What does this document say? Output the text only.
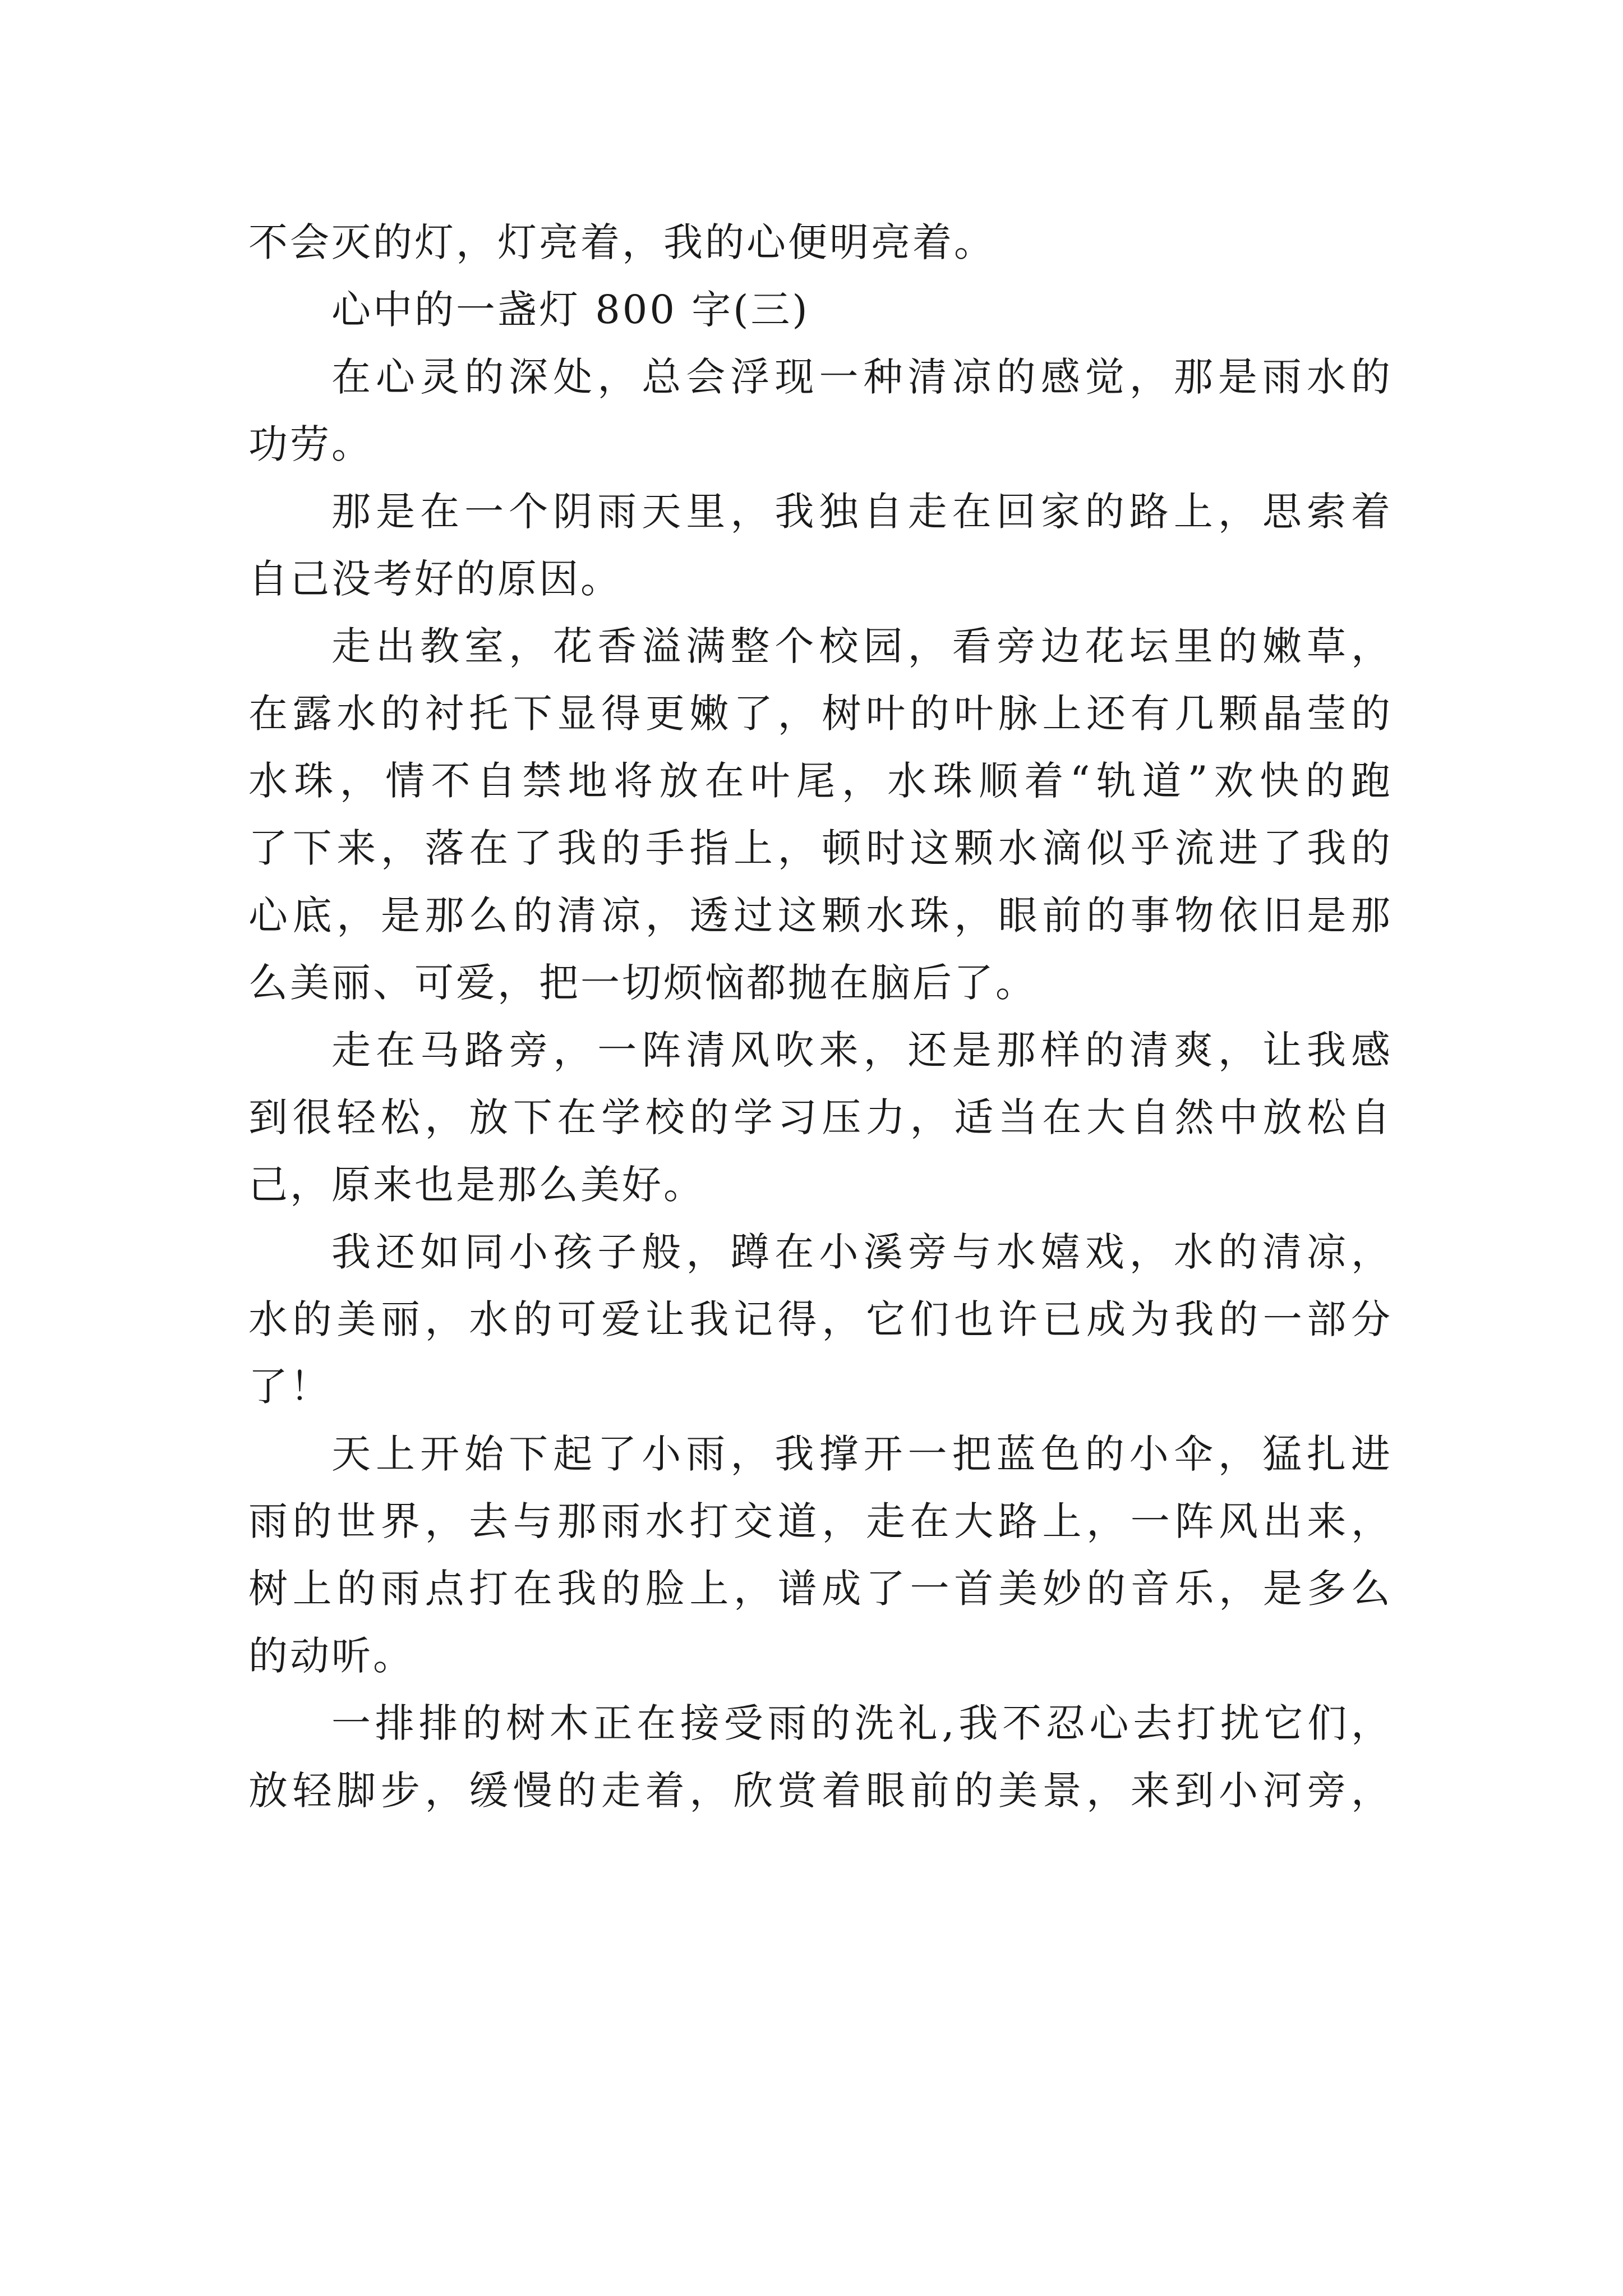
不会灭的灯，灯亮着，我的心便明亮着。
心中的一盏灯 800 字(三)
在心灵的深处，总会浮现一种清凉的感觉，那是雨水的
功劳。
那是在一个阴雨天里，我独自走在回家的路上，思索着
自己没考好的原因。
走出教室，花香溢满整个校园，看旁边花坛里的嫩草，
在露水的衬托下显得更嫩了，树叶的叶脉上还有几颗晶莹的
水珠，情不自禁地将放在叶尾，水珠顺着“轨道”欢快的跑
了下来，落在了我的手指上，顿时这颗水滴似乎流进了我的
心底，是那么的清凉，透过这颗水珠，眼前的事物依旧是那
么美丽、可爱，把一切烦恼都抛在脑后了。
走在马路旁，一阵清风吹来，还是那样的清爽，让我感
到很轻松，放下在学校的学习压力，适当在大自然中放松自
己，原来也是那么美好。
我还如同小孩子般，蹲在小溪旁与水嬉戏，水的清凉，
水的美丽，水的可爱让我记得，它们也许已成为我的一部分
了！
天上开始下起了小雨，我撑开一把蓝色的小伞，猛扎进
雨的世界，去与那雨水打交道，走在大路上，一阵风出来，
树上的雨点打在我的脸上，谱成了一首美妙的音乐，是多么
的动听。
一排排的树木正在接受雨的洗礼,我不忍心去打扰它们，
放轻脚步，缓慢的走着，欣赏着眼前的美景，来到小河旁，
